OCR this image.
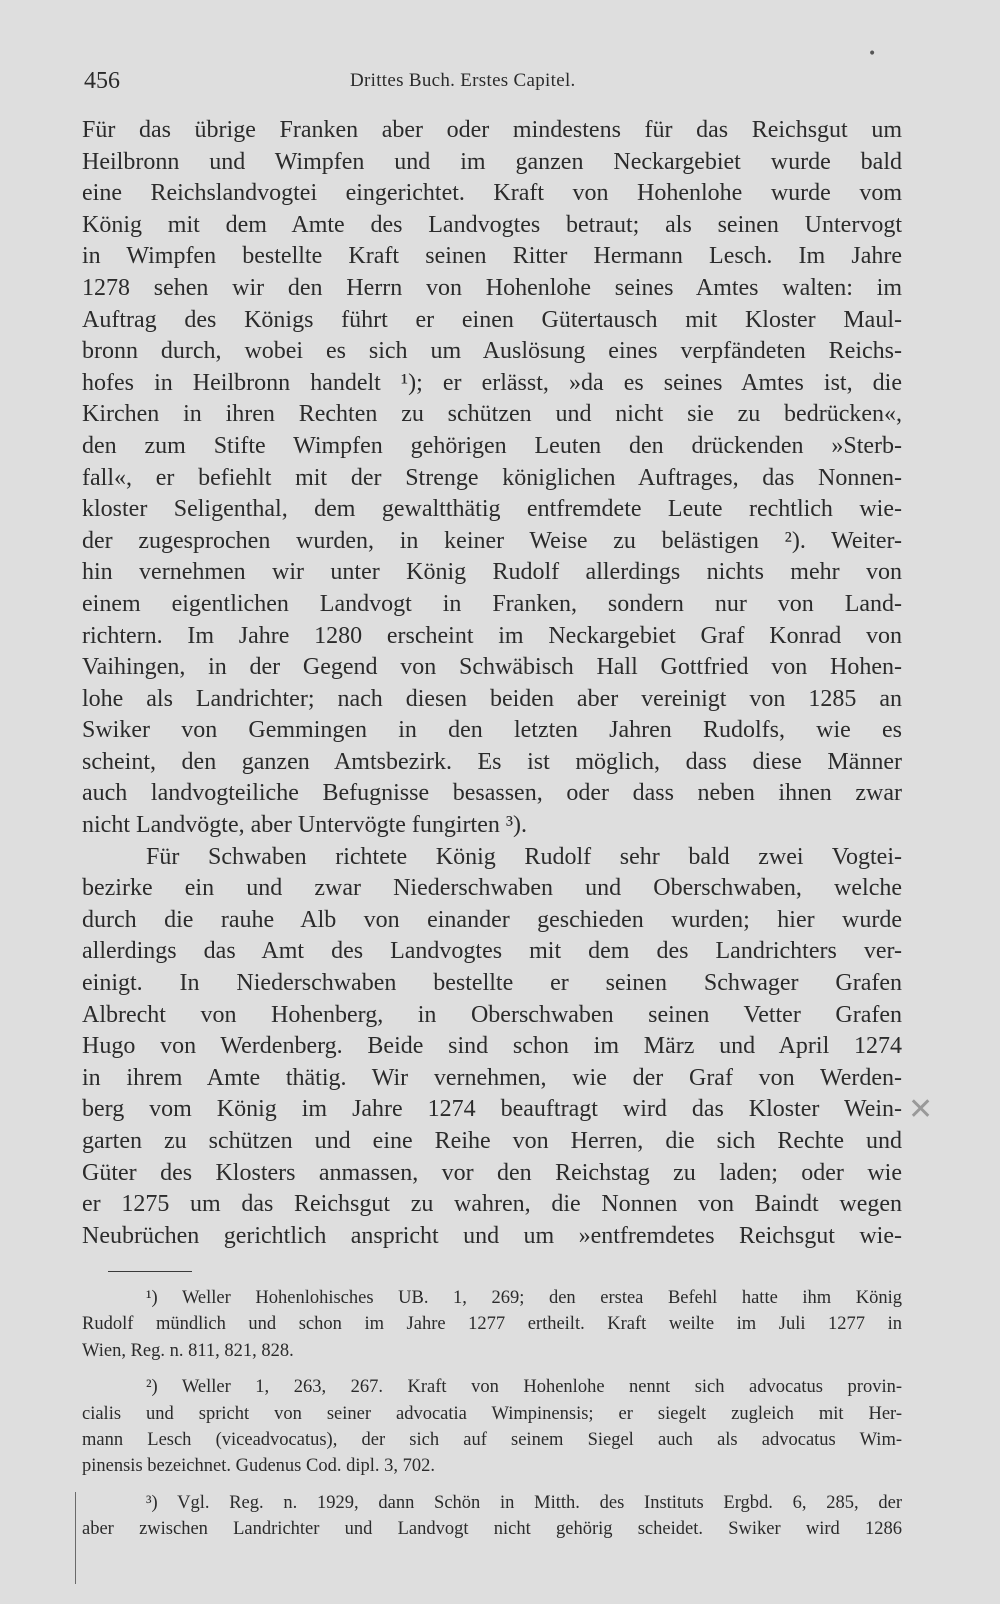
456	Drittes Buch. Erstes Capitel.
•
Für das übrige Franken aber oder mindestens für das Reichsgut um
Heilbronn und Wimpfen und im ganzen Neckargebiet wurde bald
eine Reichslandvogtei eingerichtet. Kraft von Hohenlohe wurde vom
König mit dem Amte des Landvogtes betraut; als seinen Untervogt
in Wimpfen bestellte Kraft seinen Ritter Hermann Lesch. Im Jahre
1278 sehen wir den Herrn von Hohenlohe seines Amtes walten: im
Auftrag des Königs führt er einen Gütertausch mit Kloster Maul-
bronn durch, wobei es sich um Auslösung eines verpfändeten Reichs-
hofes in Heilbronn handelt ¹); er erlässt, »da es seines Amtes ist, die
Kirchen in ihren Rechten zu schützen und nicht sie zu bedrücken«,
den zum Stifte Wimpfen gehörigen Leuten den drückenden »Sterb-
fall«, er befiehlt mit der Strenge königlichen Auftrages, das Nonnen-
kloster Seligenthal, dem gewaltthätig entfremdete Leute rechtlich wie-
der zugesprochen wurden, in keiner Weise zu belästigen ²). Weiter-
hin vernehmen wir unter König Rudolf allerdings nichts mehr von
einem eigentlichen Landvogt in Franken, sondern nur von Land-
richtern. Im Jahre 1280 erscheint im Neckargebiet Graf Konrad von
Vaihingen, in der Gegend von Schwäbisch Hall Gottfried von Hohen-
lohe als Landrichter; nach diesen beiden aber vereinigt von 1285 an
Swiker von Gemmingen in den letzten Jahren Rudolfs, wie es
scheint, den ganzen Amtsbezirk. Es ist möglich, dass diese Männer
auch landvogteiliche Befugnisse besassen, oder dass neben ihnen zwar
nicht Landvögte, aber Untervögte fungirten ³).
Für Schwaben richtete König Rudolf sehr bald zwei Vogtei-
bezirke ein und zwar Niederschwaben und Oberschwaben, welche
durch die rauhe Alb von einander geschieden wurden; hier wurde
allerdings das Amt des Landvogtes mit dem des Landrichters ver-
einigt. In Niederschwaben bestellte er seinen Schwager Grafen
Albrecht von Hohenberg, in Oberschwaben seinen Vetter Grafen
Hugo von Werdenberg. Beide sind schon im März und April 1274
in ihrem Amte thätig. Wir vernehmen, wie der Graf von Werden-
berg vom König im Jahre 1274 beauftragt wird das Kloster Wein-
garten zu schützen und eine Reihe von Herren, die sich Rechte und
Güter des Klosters anmassen, vor den Reichstag zu laden; oder wie
er 1275 um das Reichsgut zu wahren, die Nonnen von Baindt wegen
Neubrüchen gerichtlich anspricht und um »entfremdetes Reichsgut wie-
¹) Weller Hohenlohisches UB. 1, 269; den erstea Befehl hatte ihm König
Rudolf mündlich und schon im Jahre 1277 ertheilt. Kraft weilte im Juli 1277 in
Wien, Reg. n. 811, 821, 828.
²) Weller 1, 263, 267. Kraft von Hohenlohe nennt sich advocatus provin-
cialis und spricht von seiner advocatia Wimpinensis; er siegelt zugleich mit Her-
mann Lesch (viceadvocatus), der sich auf seinem Siegel auch als advocatus Wim-
pinensis bezeichnet. Gudenus Cod. dipl. 3, 702.
³) Vgl. Reg. n. 1929, dann Schön in Mitth. des Instituts Ergbd. 6, 285, der
aber zwischen Landrichter und Landvogt nicht gehörig scheidet. Swiker wird 1286
✕
